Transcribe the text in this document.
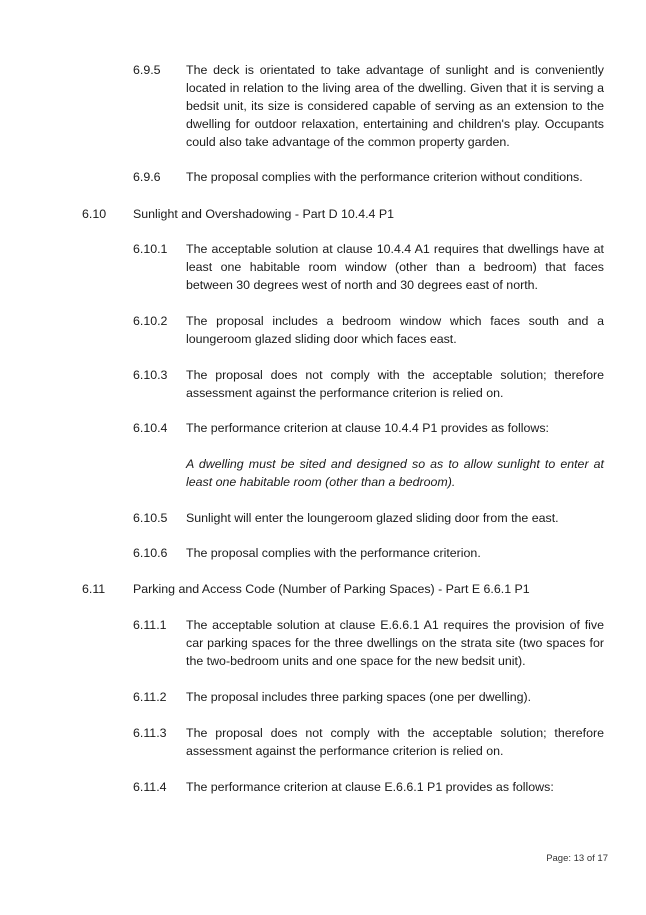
6.9.5 The deck is orientated to take advantage of sunlight and is conveniently located in relation to the living area of the dwelling. Given that it is serving a bedsit unit, its size is considered capable of serving as an extension to the dwelling for outdoor relaxation, entertaining and children's play. Occupants could also take advantage of the common property garden.
6.9.6 The proposal complies with the performance criterion without conditions.
6.10 Sunlight and Overshadowing - Part D 10.4.4 P1
6.10.1 The acceptable solution at clause 10.4.4 A1 requires that dwellings have at least one habitable room window (other than a bedroom) that faces between 30 degrees west of north and 30 degrees east of north.
6.10.2 The proposal includes a bedroom window which faces south and a loungeroom glazed sliding door which faces east.
6.10.3 The proposal does not comply with the acceptable solution; therefore assessment against the performance criterion is relied on.
6.10.4 The performance criterion at clause 10.4.4 P1 provides as follows:
A dwelling must be sited and designed so as to allow sunlight to enter at least one habitable room (other than a bedroom).
6.10.5 Sunlight will enter the loungeroom glazed sliding door from the east.
6.10.6 The proposal complies with the performance criterion.
6.11 Parking and Access Code (Number of Parking Spaces) - Part E 6.6.1 P1
6.11.1 The acceptable solution at clause E.6.6.1 A1 requires the provision of five car parking spaces for the three dwellings on the strata site (two spaces for the two-bedroom units and one space for the new bedsit unit).
6.11.2 The proposal includes three parking spaces (one per dwelling).
6.11.3 The proposal does not comply with the acceptable solution; therefore assessment against the performance criterion is relied on.
6.11.4 The performance criterion at clause E.6.6.1 P1 provides as follows:
Page: 13 of 17
